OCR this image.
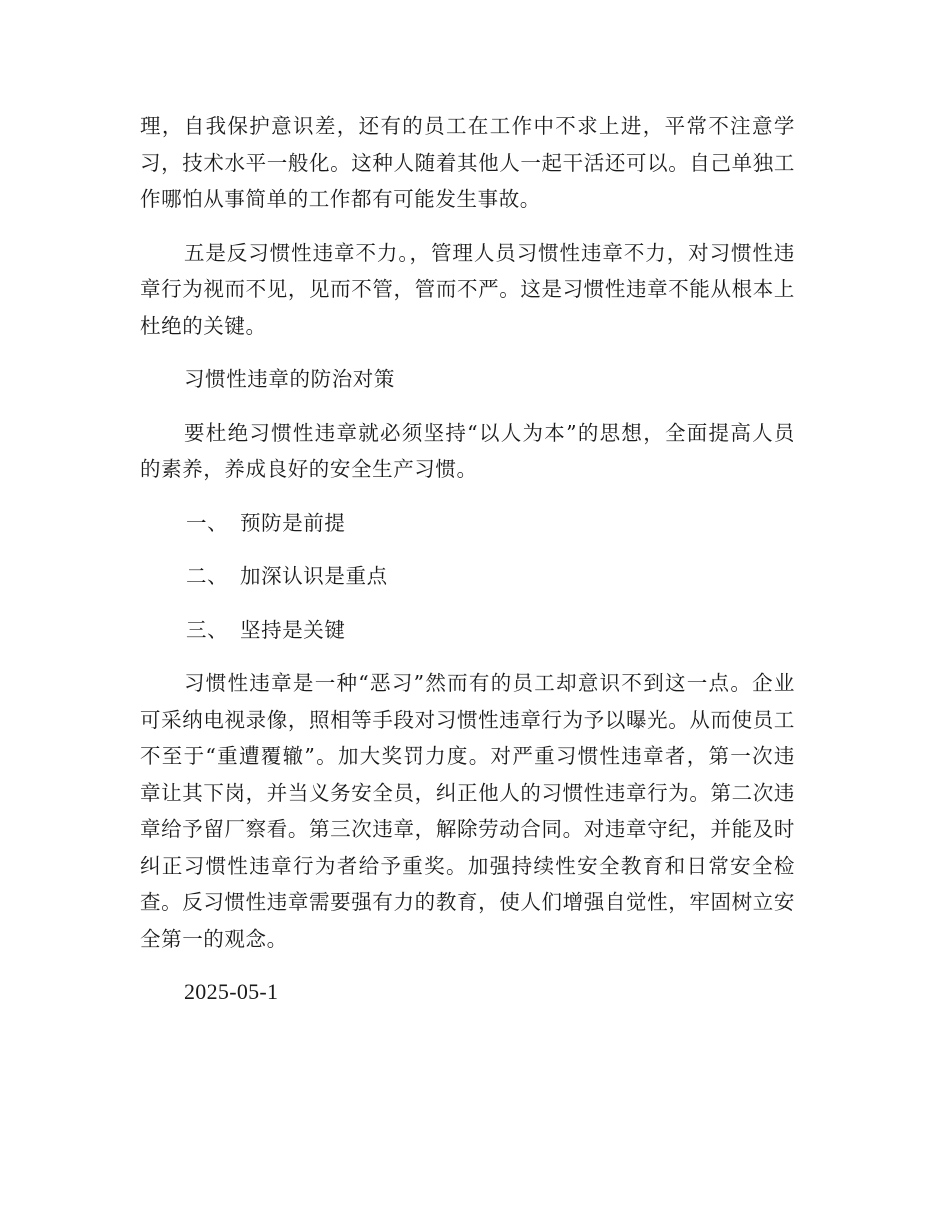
理，自我保护意识差，还有的员工在工作中不求上进，平常不注意学习，技术水平一般化。这种人随着其他人一起干活还可以。自己单独工作哪怕从事简单的工作都有可能发生事故。

五是反习惯性违章不力。，管理人员习惯性违章不力，对习惯性违章行为视而不见，见而不管，管而不严。这是习惯性违章不能从根本上杜绝的关键。

习惯性违章的防治对策

要杜绝习惯性违章就必须坚持“以人为本”的思想，全面提高人员的素养，养成良好的安全生产习惯。

一、 预防是前提
二、 加深认识是重点
三、 坚持是关键

习惯性违章是一种“恶习”然而有的员工却意识不到这一点。企业可采纳电视录像，照相等手段对习惯性违章行为予以曝光。从而使员工不至于“重遭覆辙”。加大奖罚力度。对严重习惯性违章者，第一次违章让其下岗，并当义务安全员，纠正他人的习惯性违章行为。第二次违章给予留厂察看。第三次违章，解除劳动合同。对违章守纪，并能及时纠正习惯性违章行为者给予重奖。加强持续性安全教育和日常安全检查。反习惯性违章需要强有力的教育，使人们增强自觉性，牢固树立安全第一的观念。

2025-05-1
